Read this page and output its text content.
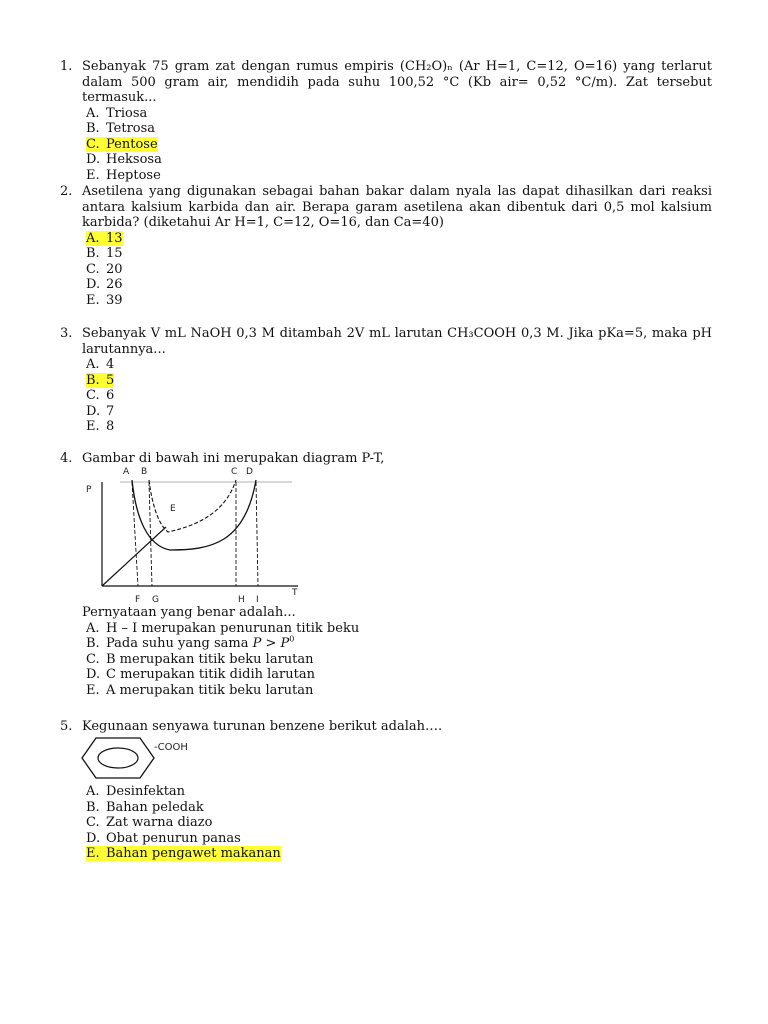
1. Sebanyak 75 gram zat dengan rumus empiris (CH₂O)ₙ (Ar H=1, C=12, O=16) yang terlarut dalam 500 gram air, mendidih pada suhu 100,52 °C (Kb air= 0,52 °C/m). Zat tersebut termasuk...
A. Triosa
B. Tetrosa
C. Pentose
D. Heksosa
E. Heptose
2. Asetilena yang digunakan sebagai bahan bakar dalam nyala las dapat dihasilkan dari reaksi antara kalsium karbida dan air. Berapa garam asetilena akan dibentuk dari 0,5 mol kalsium karbida? (diketahui Ar H=1, C=12, O=16, dan Ca=40)
A. 13
B. 15
C. 20
D. 26
E. 39
3. Sebanyak V mL NaOH 0,3 M ditambah 2V mL larutan CH₃COOH 0,3 M. Jika pKa=5, maka pH larutannya...
A. 4
B. 5
C. 6
D. 7
E. 8
4. Gambar di bawah ini merupakan diagram P-T,
A B	C D
E
P
T
F G	H I
Pernyataan yang benar adalah...
A. H – I merupakan penurunan titik beku
B. Pada suhu yang sama $P > P^0$
C. B merupakan titik beku larutan
D. C merupakan titik didih larutan
E. A merupakan titik beku larutan
5. Kegunaan senyawa turunan benzene berikut adalah….
-COOH
A. Desinfektan
B. Bahan peledak
C. Zat warna diazo
D. Obat penurun panas
E. Bahan pengawet makanan
